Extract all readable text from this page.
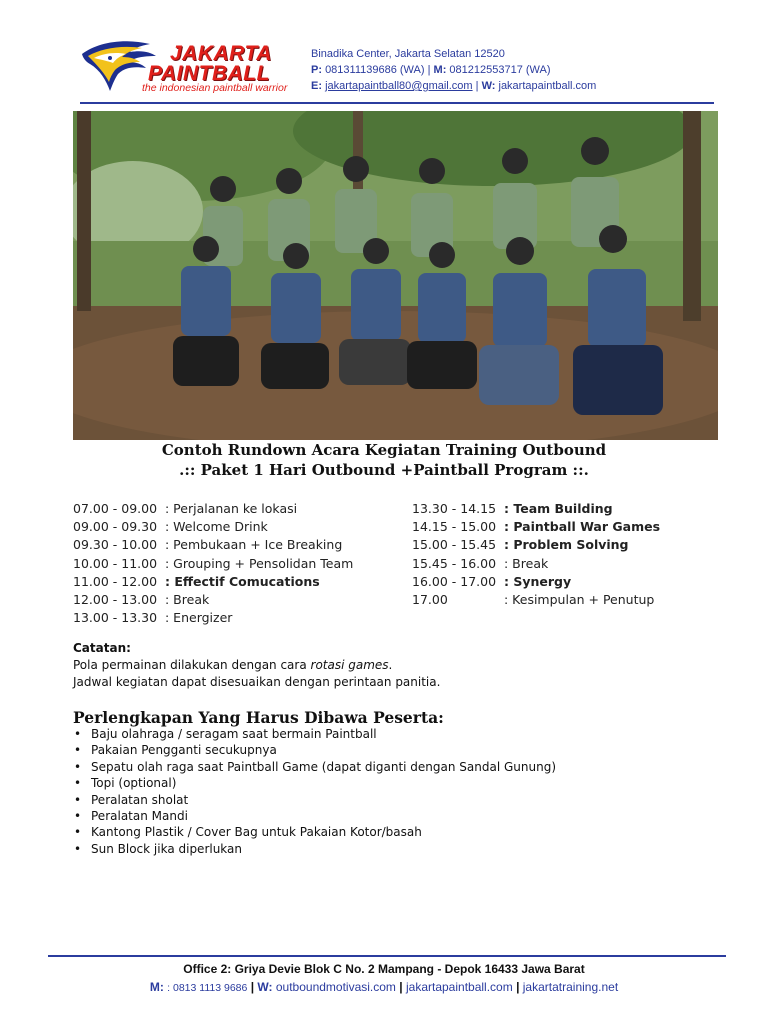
JAKARTA
PAINTBALL
the indonesian paintball warrior
Binadika Center, Jakarta Selatan 12520
P: 081311139686 (WA) | M: 081212553717 (WA)
E: jakartapaintball80@gmail.com | W: jakartapaintball.com
Contoh Rundown Acara Kegiatan Training Outbound
.:: Paket 1 Hari Outbound +Paintball Program ::.
07.00 - 09.00 : Perjalanan ke lokasi
09.00 - 09.30 : Welcome Drink
09.30 - 10.00 : Pembukaan + Ice Breaking
10.00 - 11.00 : Grouping + Pensolidan Team
11.00 - 12.00 : Effectif Comucations
12.00 - 13.00 : Break
13.00 - 13.30 : Energizer
13.30 - 14.15 : Team Building
14.15 - 15.00 : Paintball War Games
15.00 - 15.45 : Problem Solving
15.45 - 16.00 : Break
16.00 - 17.00 : Synergy
17.00	: Kesimpulan + Penutup
Catatan:
Pola permainan dilakukan dengan cara rotasi games.
Jadwal kegiatan dapat disesuaikan dengan perintaan panitia.
Perlengkapan Yang Harus Dibawa Peserta:
• Baju olahraga / seragam saat bermain Paintball
• Pakaian Pengganti secukupnya
• Sepatu olah raga saat Paintball Game (dapat diganti dengan Sandal Gunung)
• Topi (optional)
• Peralatan sholat
• Peralatan Mandi
• Kantong Plastik / Cover Bag untuk Pakaian Kotor/basah
• Sun Block jika diperlukan
Office 2: Griya Devie Blok C No. 2 Mampang - Depok 16433 Jawa Barat
M: : 0813 1113 9686 | W: outboundmotivasi.com | jakartapaintball.com | jakartatraining.net
